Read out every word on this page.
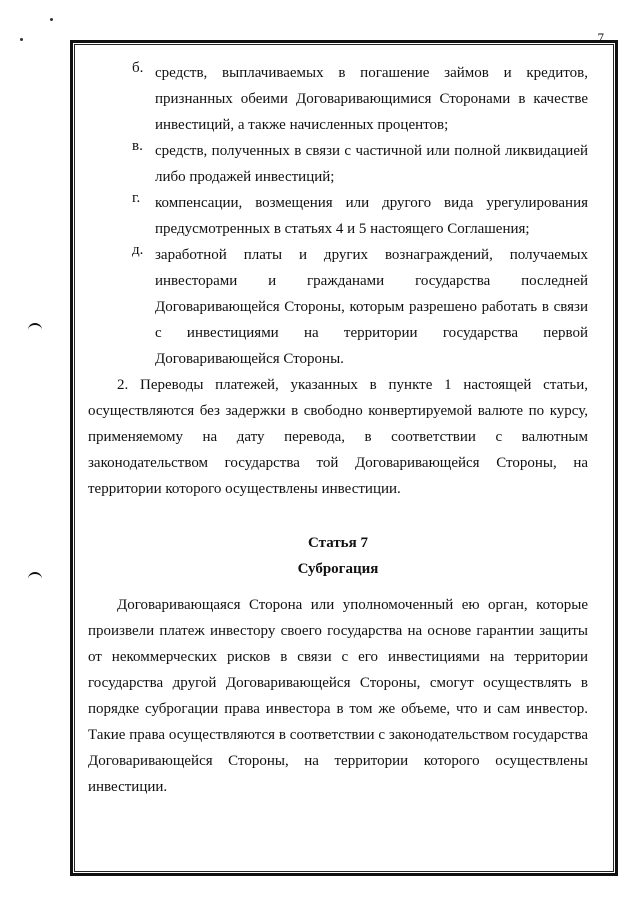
7
б. средств, выплачиваемых в погашение займов и кредитов, признанных обеими Договаривающимися Сторонами в качестве инвестиций, а также начисленных процентов;

в. средств, полученных в связи с частичной или полной ликвидацией либо продажей инвестиций;

г. компенсации, возмещения или другого вида урегулирования предусмотренных в статьях 4 и 5 настоящего Соглашения;

д. заработной платы и других вознаграждений, получаемых инвесторами и гражданами государства последней Договаривающейся Стороны, которым разрешено работать в связи с инвестициями на территории государства первой Договаривающейся Стороны.

2. Переводы платежей, указанных в пункте 1 настоящей статьи, осуществляются без задержки в свободно конвертируемой валюте по курсу, применяемому на дату перевода, в соответствии с валютным законодательством государства той Договаривающейся Стороны, на территории которого осуществлены инвестиции.

Статья 7

Суброгация

Договаривающаяся Сторона или уполномоченный ею орган, которые произвели платеж инвестору своего государства на основе гарантии защиты от некоммерческих рисков в связи с его инвестициями на территории государства другой Договаривающейся Стороны, смогут осуществлять в порядке суброгации права инвестора в том же объеме, что и сам инвестор. Такие права осуществляются в соответствии с законодательством государства Договаривающейся Стороны, на территории которого осуществлены инвестиции.
